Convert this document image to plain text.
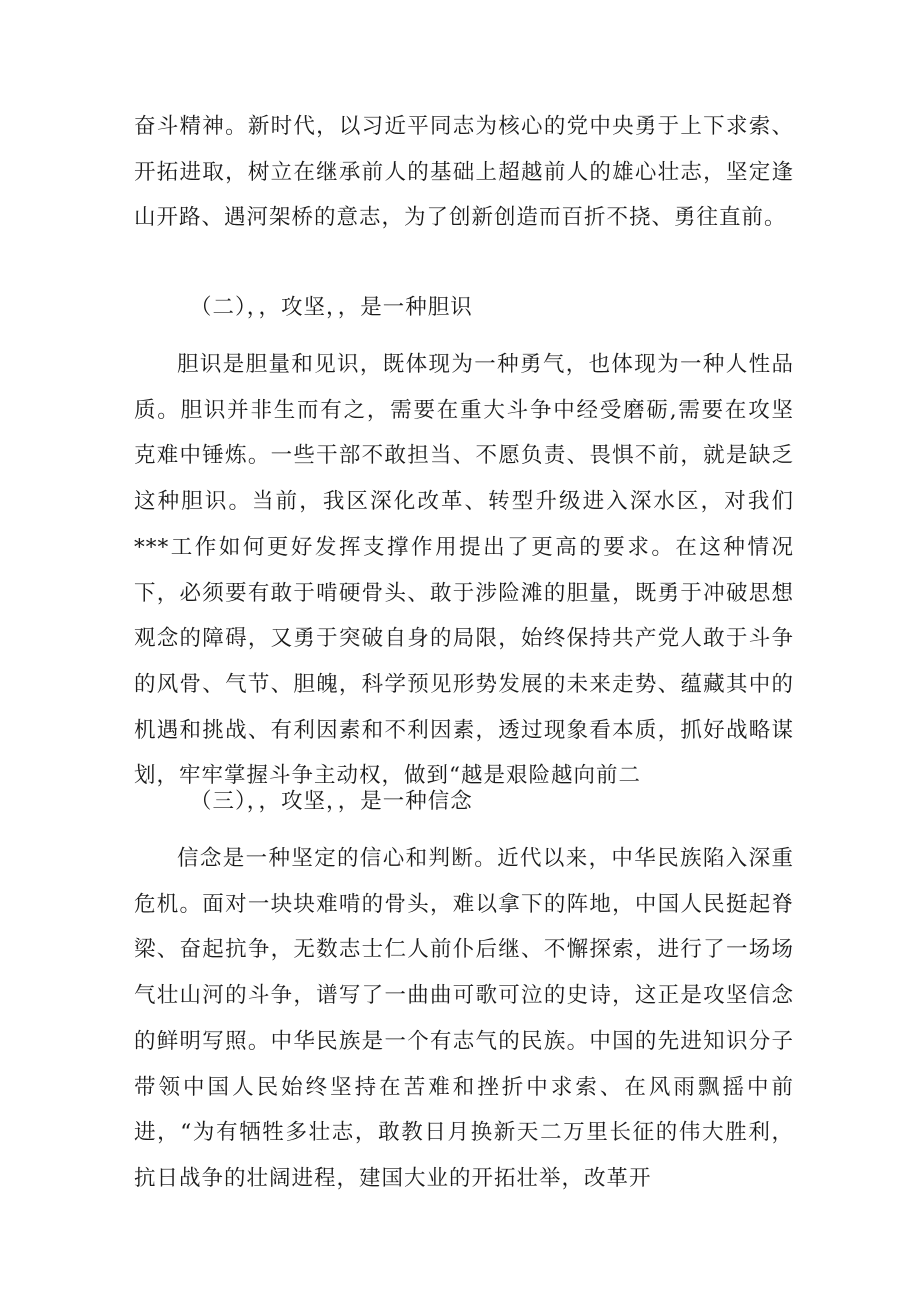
奋斗精神。新时代，以习近平同志为核心的党中央勇于上下求索、开拓进取，树立在继承前人的基础上超越前人的雄心壮志，坚定逢山开路、遇河架桥的意志，为了创新创造而百折不挠、勇往直前。

（二），，攻坚，，是一种胆识

胆识是胆量和见识，既体现为一种勇气，也体现为一种人性品质。胆识并非生而有之，需要在重大斗争中经受磨砺,需要在攻坚克难中锤炼。一些干部不敢担当、不愿负责、畏惧不前，就是缺乏这种胆识。当前，我区深化改革、转型升级进入深水区，对我们***工作如何更好发挥支撑作用提出了更高的要求。在这种情况下，必须要有敢于啃硬骨头、敢于涉险滩的胆量，既勇于冲破思想观念的障碍，又勇于突破自身的局限，始终保持共产党人敢于斗争的风骨、气节、胆魄，科学预见形势发展的未来走势、蕴藏其中的机遇和挑战、有利因素和不利因素，透过现象看本质，抓好战略谋划，牢牢掌握斗争主动权，做到“越是艰险越向前二

（三），，攻坚，，是一种信念

信念是一种坚定的信心和判断。近代以来，中华民族陷入深重危机。面对一块块难啃的骨头，难以拿下的阵地，中国人民挺起脊梁、奋起抗争，无数志士仁人前仆后继、不懈探索，进行了一场场气壮山河的斗争，谱写了一曲曲可歌可泣的史诗，这正是攻坚信念的鲜明写照。中华民族是一个有志气的民族。中国的先进知识分子带领中国人民始终坚持在苦难和挫折中求索、在风雨飘摇中前进，“为有牺牲多壮志，敢教日月换新天二万里长征的伟大胜利，抗日战争的壮阔进程，建国大业的开拓壮举，改革开
